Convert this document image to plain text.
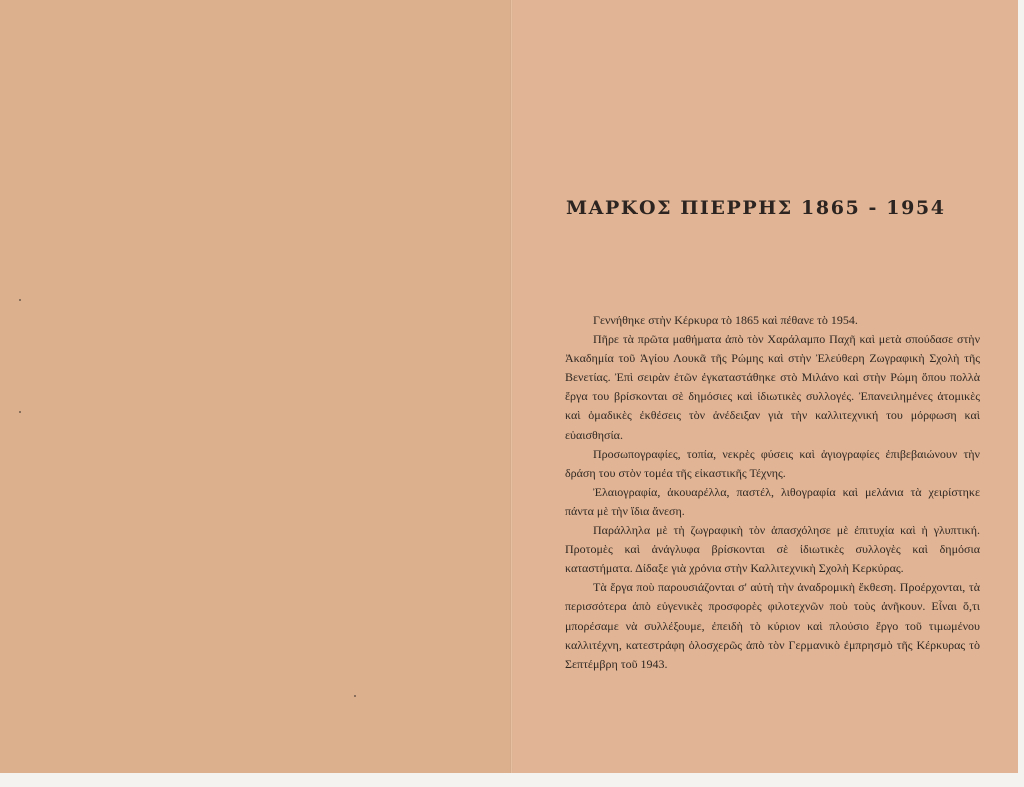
ΜΑΡΚΟΣ ΠΙΕΡΡΗΣ 1865 - 1954

Γεννήθηκε στὴν Κέρκυρα τὸ 1865 καὶ πέθανε τὸ 1954.

Πῆρε τὰ πρῶτα μαθήματα ἀπὸ τὸν Χαράλαμπο Παχῆ καὶ μετὰ σπούδασε στὴν Ἀκαδημία τοῦ Ἁγίου Λουκᾶ τῆς Ρώμης καὶ στὴν Ἐλεύθερη Ζωγραφικὴ Σχολὴ τῆς Βενετίας. Ἐπὶ σειρὰν ἐτῶν ἐγκαταστάθηκε στὸ Μιλάνο καὶ στὴν Ρώμη ὅπου πολλὰ ἔργα του βρίσκονται σὲ δημόσιες καὶ ἰδιωτικὲς συλλογές. Ἐπανειλημένες ἀτομικὲς καὶ ὁμαδικὲς ἐκθέσεις τὸν ἀνέδειξαν γιὰ τὴν καλλιτεχνική του μόρφωση καὶ εὐαισθησία.

Προσωπογραφίες, τοπία, νεκρὲς φύσεις καὶ ἁγιογραφίες ἐπιβεβαιώνουν τὴν δράση του στὸν τομέα τῆς εἰκαστικῆς Τέχνης.

Ἐλαιογραφία, ἀκουαρέλλα, παστέλ, λιθογραφία καὶ μελάνια τὰ χειρίστηκε πάντα μὲ τὴν ἴδια ἄνεση.

Παράλληλα μὲ τὴ ζωγραφικὴ τὸν ἀπασχόλησε μὲ ἐπιτυχία καὶ ἡ γλυπτική. Προτομὲς καὶ ἀνάγλυφα βρίσκονται σὲ ἰδιωτικὲς συλλογὲς καὶ δημόσια καταστήματα. Δίδαξε γιὰ χρόνια στὴν Καλλιτεχνικὴ Σχολὴ Κερκύρας.

Τὰ ἔργα ποὺ παρουσιάζονται σ' αὐτὴ τὴν ἀναδρομικὴ ἔκθεση. Προέρχονται, τὰ περισσότερα ἀπὸ εὐγενικὲς προσφορὲς φιλοτεχνῶν ποὺ τοὺς ἀνῆκουν. Εἶναι ὅ,τι μπορέσαμε νὰ συλλέξουμε, ἐπειδὴ τὸ κύριον καὶ πλούσιο ἔργο τοῦ τιμωμένου καλλιτέχνη, κατεστράφη ὁλοσχερῶς ἀπὸ τὸν Γερμανικὸ ἐμπρησμὸ τῆς Κέρκυρας τὸ Σεπτέμβρη τοῦ 1943.
